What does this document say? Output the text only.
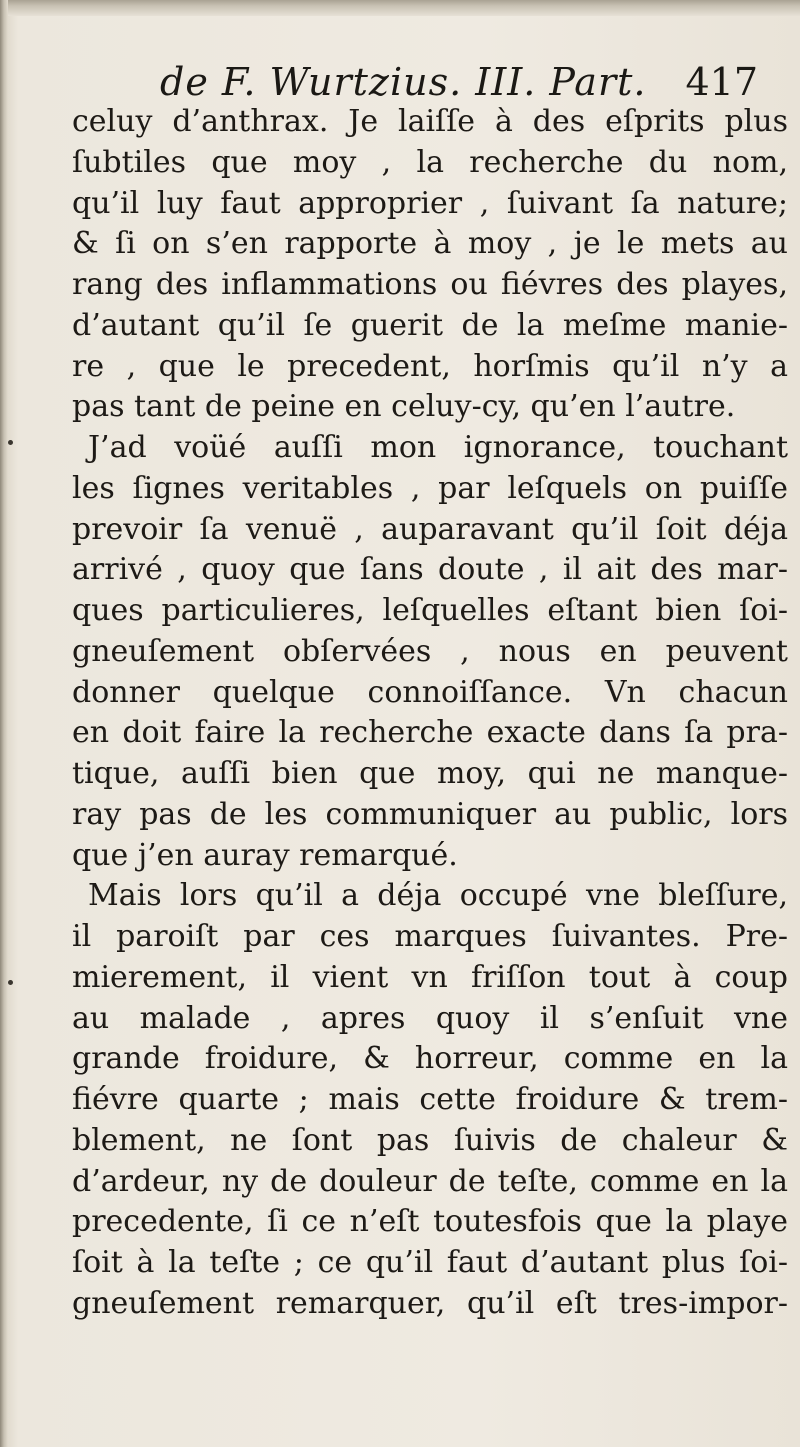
de F. Wurtzius. III. Part. 417
celuy d’anthrax. Je laiſſe à des eſprits plus
ſubtiles que moy , la recherche du nom,
qu’il luy faut approprier , ſuivant ſa nature;
& ſi on s’en rapporte à moy , je le mets au
rang des inflammations ou fiévres des playes,
d’autant qu’il ſe guerit de la meſme manie-
re , que le precedent, horſmis qu’il n’y a
pas tant de peine en celuy-cy, qu’en l’autre.
J’ad voüé auſſi mon ignorance, touchant
les ſignes veritables , par leſquels on puiſſe
prevoir ſa venuë , auparavant qu’il ſoit déja
arrivé , quoy que ſans doute , il ait des mar-
ques particulieres, leſquelles eſtant bien ſoi-
gneuſement obſervées , nous en peuvent
donner quelque connoiſſance. Vn chacun
en doit faire la recherche exacte dans ſa pra-
tique, auſſi bien que moy, qui ne manque-
ray pas de les communiquer au public, lors
que j’en auray remarqué.
Mais lors qu’il a déja occupé vne bleſſure,
il paroiſt par ces marques ſuivantes. Pre-
mierement, il vient vn friſſon tout à coup
au malade , apres quoy il s’enſuit vne
grande froidure, & horreur, comme en la
fiévre quarte ; mais cette froidure & trem-
blement, ne ſont pas ſuivis de chaleur &
d’ardeur, ny de douleur de teſte, comme en la
precedente, ſi ce n’eſt toutesfois que la playe
ſoit à la teſte ; ce qu’il faut d’autant plus ſoi-
gneuſement remarquer, qu’il eſt tres-impor-
